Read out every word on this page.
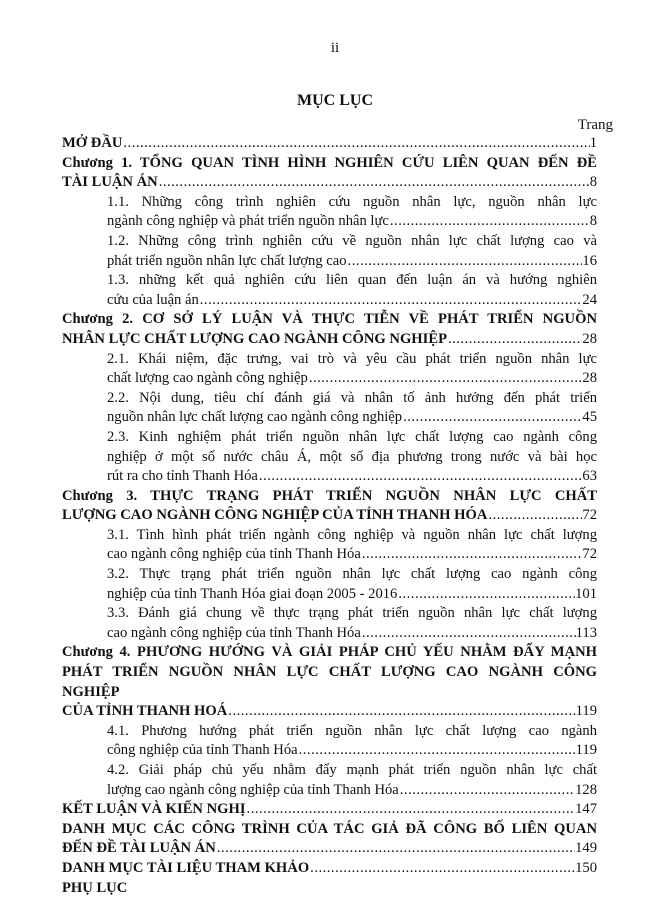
ii
MỤC LỤC
Trang
MỞ ĐẦU .....	1
Chương 1. TỔNG QUAN TÌNH HÌNH NGHIÊN CỨU LIÊN QUAN ĐẾN ĐỀ
TÀI LUẬN ÁN .....	8
1.1. Những công trình nghiên cứu nguồn nhân lực, nguồn nhân lực
ngành công nghiệp và phát triển nguồn nhân lực .....	8
1.2. Những công trình nghiên cứu về nguồn nhân lực chất lượng cao và
phát triển nguồn nhân lực chất lượng cao .....	16
1.3. những kết quả nghiên cứu liên quan đến luận án và hướng nghiên
cứu của luận án .....	24
Chương 2. CƠ SỞ LÝ LUẬN VÀ THỰC TIỄN VỀ PHÁT TRIỂN NGUỒN
NHÂN LỰC CHẤT LƯỢNG CAO NGÀNH CÔNG NGHIỆP .....	28
2.1. Khái niệm, đặc trưng, vai trò và yêu cầu phát triển nguồn nhân lực
chất lượng cao ngành công nghiệp .....	28
2.2. Nội dung, tiêu chí đánh giá và nhân tố ảnh hưởng đến phát triển
nguồn nhân lực chất lượng cao ngành công nghiệp .....	45
2.3. Kinh nghiệm phát triển nguồn nhân lực chất lượng cao ngành công
nghiệp ở một số nước châu Á, một số địa phương trong nước và bài học
rút ra cho tỉnh Thanh Hóa .....	63
Chương 3. THỰC TRẠNG PHÁT TRIỂN NGUỒN NHÂN LỰC CHẤT
LƯỢNG CAO NGÀNH CÔNG NGHIỆP CỦA TỈNH THANH HÓA .....	72
3.1. Tình hình phát triển ngành công nghiệp và nguồn nhân lực chất lượng
cao ngành công nghiệp của tỉnh Thanh Hóa .....	72
3.2. Thực trạng phát triển nguồn nhân lực chất lượng cao ngành công
nghiệp của tỉnh Thanh Hóa giai đoạn 2005 - 2016 .....	101
3.3. Đánh giá chung về thực trạng phát triển nguồn nhân lực chất lượng
cao ngành công nghiệp của tỉnh Thanh Hóa .....	113
Chương 4. PHƯƠNG HƯỚNG VÀ GIẢI PHÁP CHỦ YẾU NHẰM ĐẨY MẠNH
PHÁT TRIỂN NGUỒN NHÂN LỰC CHẤT LƯỢNG CAO NGÀNH CÔNG NGHIỆP
CỦA TỈNH THANH HOÁ .....	119
4.1. Phương hướng phát triển nguồn nhân lực chất lượng cao ngành
công nghiệp của tỉnh Thanh Hóa .....	119
4.2. Giải pháp chủ yếu nhằm đẩy mạnh phát triển nguồn nhân lực chất
lượng cao ngành công nghiệp của tỉnh Thanh Hóa .....	128
KẾT LUẬN VÀ KIẾN NGHỊ .....	147
DANH MỤC CÁC CÔNG TRÌNH CỦA TÁC GIẢ ĐÃ CÔNG BỐ LIÊN QUAN
ĐẾN ĐỀ TÀI LUẬN ÁN .....	149
DANH MỤC TÀI LIỆU THAM KHẢO .....	150
PHỤ LỤC
